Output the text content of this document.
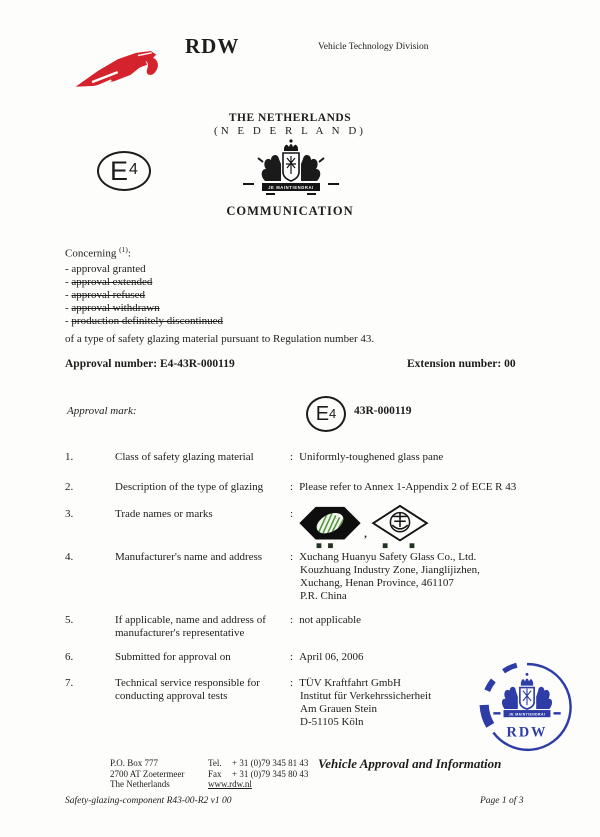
RDW	Vehicle Technology Division
THE NETHERLANDS
(N E D E R L A N D)
E 4
JE MAINTIENDRAI
COMMUNICATION
Concerning $^{(1)}$:
- approval granted
- approval extended
- approval refused
- approval withdrawn
- production definitely discontinued
of a type of safety glazing material pursuant to Regulation number 43.
Approval number: E4-43R-000119	Extension number: 00
Approval mark:	E 4 43R-000119
1.	Class of safety glazing material	: Uniformly-toughened glass pane
2.	Description of the type of glazing	: Please refer to Annex 1-Appendix 2 of ECE R 43
3.	Trade names or marks	:
,
4.	Manufacturer's name and address	: Xuchang Huanyu Safety Glass Co., Ltd.
Kouzhuang Industry Zone, Jianglijizhen,
Xuchang, Henan Province, 461107
P.R. China
5.	If applicable, name and address of
manufacturer's representative
: not applicable
6.	Submitted for approval on	: April 06, 2006
7.	Technical service responsible for
conducting approval tests
: TÜV Kraftfahrt GmbH
Institut für Verkehrssicherheit
Am Grauen Stein
D-51105 Köln
JE MAINTIENDRAI
RDW
P.O. Box 777
2700 AT Zoetermeer
The Netherlands
Tel. + 31 (0)79 345 81 43
Fax + 31 (0)79 345 80 43
www.rdw.nl
Vehicle Approval and Information
Safety-glazing-component R43-00-R2 v1 00	Page 1 of 3
